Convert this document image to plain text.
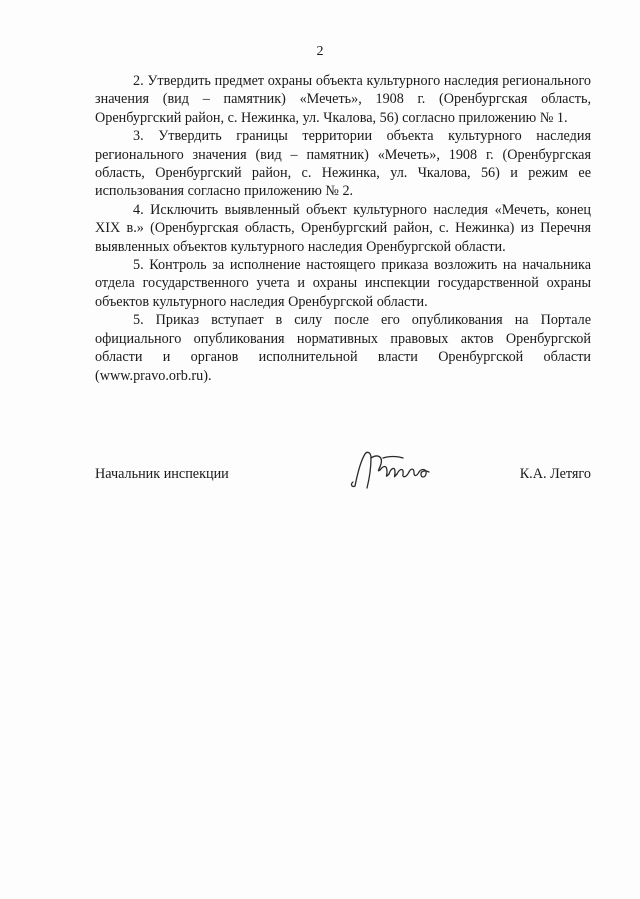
2

2. Утвердить предмет охраны объекта культурного наследия регионального значения (вид – памятник) «Мечеть», 1908 г. (Оренбургская область, Оренбургский район, с. Нежинка, ул. Чкалова, 56) согласно приложению № 1.

3. Утвердить границы территории объекта культурного наследия регионального значения (вид – памятник) «Мечеть», 1908 г. (Оренбургская область, Оренбургский район, с. Нежинка, ул. Чкалова, 56) и режим ее использования согласно приложению № 2.

4. Исключить выявленный объект культурного наследия «Мечеть, конец XIX в.» (Оренбургская область, Оренбургский район, с. Нежинка) из Перечня выявленных объектов культурного наследия Оренбургской области.

5. Контроль за исполнение настоящего приказа возложить на начальника отдела государственного учета и охраны инспекции государственной охраны объектов культурного наследия Оренбургской области.

5. Приказ вступает в силу после его опубликования на Портале официального опубликования нормативных правовых актов Оренбургской области и органов исполнительной власти Оренбургской области (www.pravo.orb.ru).

Начальник инспекции	К.А. Летяго
